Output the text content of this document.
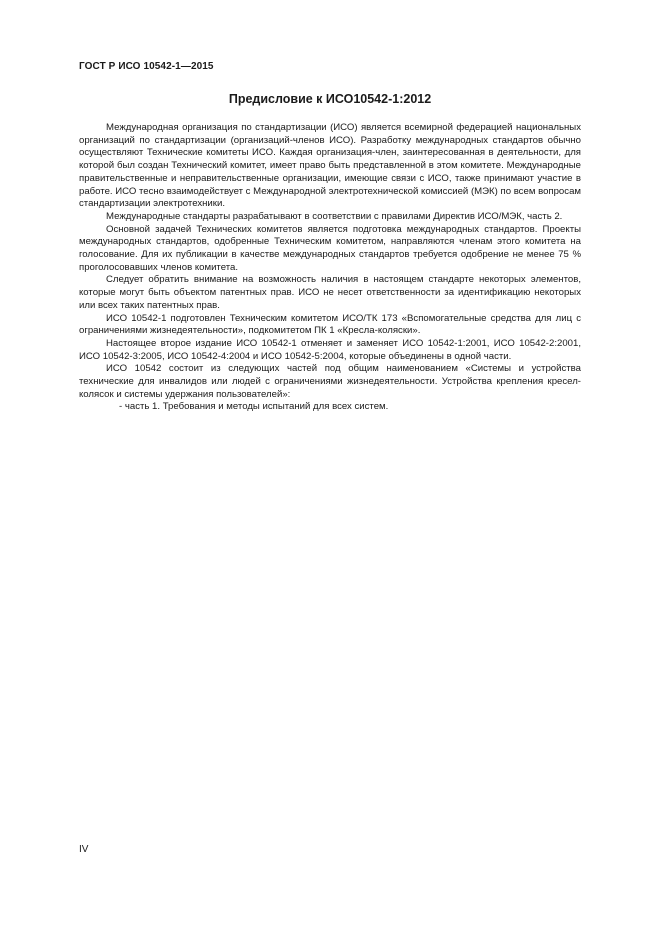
ГОСТ Р ИСО 10542-1—2015
Предисловие к ИСО10542-1:2012

Международная организация по стандартизации (ИСО) является всемирной федерацией национальных организаций по стандартизации (организаций-членов ИСО). Разработку международных стандартов обычно осуществляют Технические комитеты ИСО. Каждая организация-член, заинтересованная в деятельности, для которой был создан Технический комитет, имеет право быть представленной в этом комитете. Международные правительственные и неправительственные организации, имеющие связи с ИСО, также принимают участие в работе. ИСО тесно взаимодействует с Международной электротехнической комиссией (МЭК) по всем вопросам стандартизации электротехники.

Международные стандарты разрабатывают в соответствии с правилами Директив ИСО/МЭК, часть 2.

Основной задачей Технических комитетов является подготовка международных стандартов. Проекты международных стандартов, одобренные Техническим комитетом, направляются членам этого комитета на голосование. Для их публикации в качестве международных стандартов требуется одобрение не менее 75 % проголосовавших членов комитета.

Следует обратить внимание на возможность наличия в настоящем стандарте некоторых элементов, которые могут быть объектом патентных прав. ИСО не несет ответственности за идентификацию некоторых или всех таких патентных прав.

ИСО 10542-1 подготовлен Техническим комитетом ИСО/ТК 173 «Вспомогательные средства для лиц с ограничениями жизнедеятельности», подкомитетом ПК 1 «Кресла-коляски».

Настоящее второе издание ИСО 10542-1 отменяет и заменяет ИСО 10542-1:2001, ИСО 10542-2:2001, ИСО 10542-3:2005, ИСО 10542-4:2004 и ИСО 10542-5:2004, которые объединены в одной части.

ИСО 10542 состоит из следующих частей под общим наименованием «Системы и устройства технические для инвалидов или людей с ограничениями жизнедеятельности. Устройства крепления кресел-колясок и системы удержания пользователей»:

- часть 1. Требования и методы испытаний для всех систем.

IV
